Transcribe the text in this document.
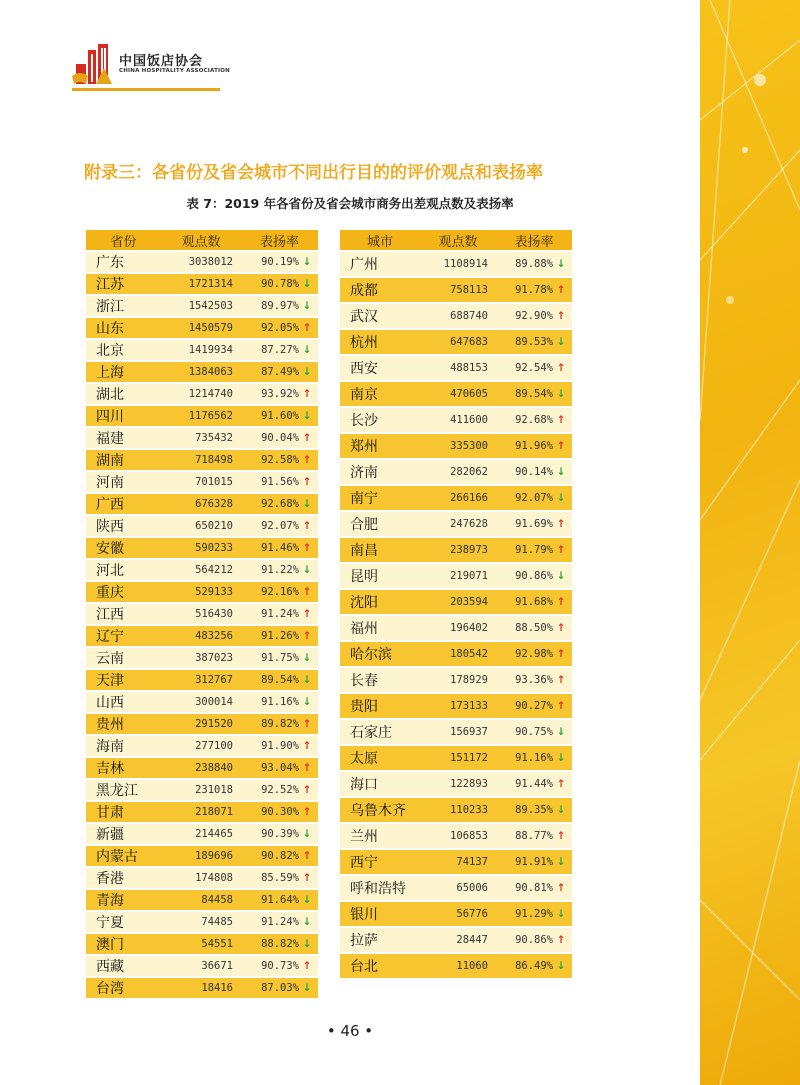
中国饭店协会
CHINA HOSPITALITY ASSOCIATION
附录三：各省份及省会城市不同出行目的的评价观点和表扬率
表 7：2019 年各省份及省会城市商务出差观点数及表扬率
省份	观点数	表扬率
广东	3038012	90.19% ↓
江苏	1721314	90.78% ↓
浙江	1542503	89.97% ↓
山东	1450579	92.05% ↑
北京	1419934	87.27% ↓
上海	1384063	87.49% ↓
湖北	1214740	93.92% ↑
四川	1176562	91.60% ↓
福建	735432	90.04% ↑
湖南	718498	92.58% ↑
河南	701015	91.56% ↑
广西	676328	92.68% ↓
陕西	650210	92.07% ↑
安徽	590233	91.46% ↑
河北	564212	91.22% ↓
重庆	529133	92.16% ↑
江西	516430	91.24% ↑
辽宁	483256	91.26% ↑
云南	387023	91.75% ↓
天津	312767	89.54% ↓
山西	300014	91.16% ↓
贵州	291520	89.82% ↑
海南	277100	91.90% ↑
吉林	238840	93.04% ↑
黑龙江	231018	92.52% ↑
甘肃	218071	90.30% ↑
新疆	214465	90.39% ↓
内蒙古	189696	90.82% ↑
香港	174808	85.59% ↑
青海	84458	91.64% ↓
宁夏	74485	91.24% ↓
澳门	54551	88.82% ↓
西藏	36671	90.73% ↑
台湾	18416	87.03% ↓
城市	观点数	表扬率
广州	1108914	89.88% ↓
成都	758113	91.78% ↑
武汉	688740	92.90% ↑
杭州	647683	89.53% ↓
西安	488153	92.54% ↑
南京	470605	89.54% ↓
长沙	411600	92.68% ↑
郑州	335300	91.96% ↑
济南	282062	90.14% ↓
南宁	266166	92.07% ↓
合肥	247628	91.69% ↑
南昌	238973	91.79% ↑
昆明	219071	90.86% ↓
沈阳	203594	91.68% ↑
福州	196402	88.50% ↑
哈尔滨	180542	92.98% ↑
长春	178929	93.36% ↑
贵阳	173133	90.27% ↑
石家庄	156937	90.75% ↓
太原	151172	91.16% ↓
海口	122893	91.44% ↑
乌鲁木齐	110233	89.35% ↓
兰州	106853	88.77% ↑
西宁	74137	91.91% ↓
呼和浩特	65006	90.81% ↑
银川	56776	91.29% ↓
拉萨	28447	90.86% ↑
台北	11060	86.49% ↓
• 46 •
